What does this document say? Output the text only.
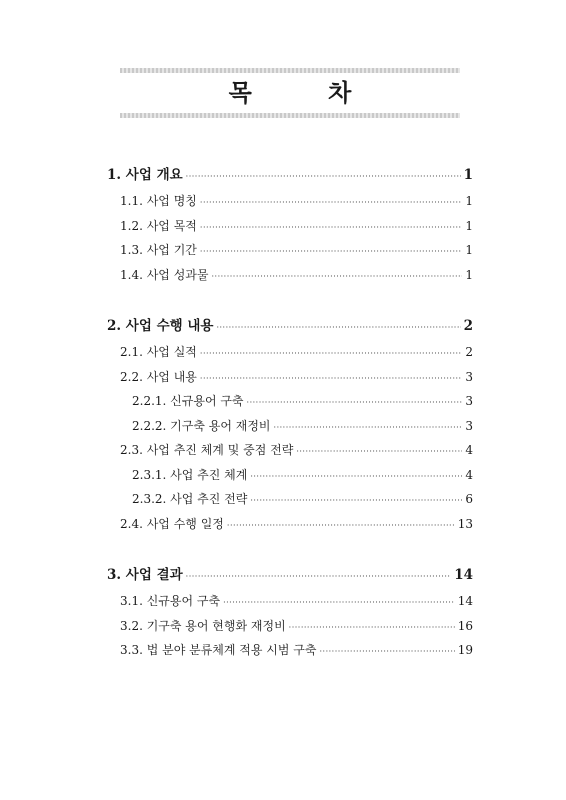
목 차
1. 사업 개요 ·····	1
1.1. 사업 명칭 ·····	1
1.2. 사업 목적 ·····	1
1.3. 사업 기간 ·····	1
1.4. 사업 성과물 ·····	1
2. 사업 수행 내용 ·····	2
2.1. 사업 실적 ·····	2
2.2. 사업 내용 ·····	3
2.2.1. 신규용어 구축 ·····	3
2.2.2. 기구축 용어 재정비 ·····	3
2.3. 사업 추진 체계 및 중점 전략 ·····	4
2.3.1. 사업 추진 체계 ·····	4
2.3.2. 사업 추진 전략 ·····	6
2.4. 사업 수행 일정 ·····	13
3. 사업 결과 ·····	14
3.1. 신규용어 구축 ·····	14
3.2. 기구축 용어 현행화 재정비 ·····	16
3.3. 법 분야 분류체계 적용 시범 구축 ·····	19
